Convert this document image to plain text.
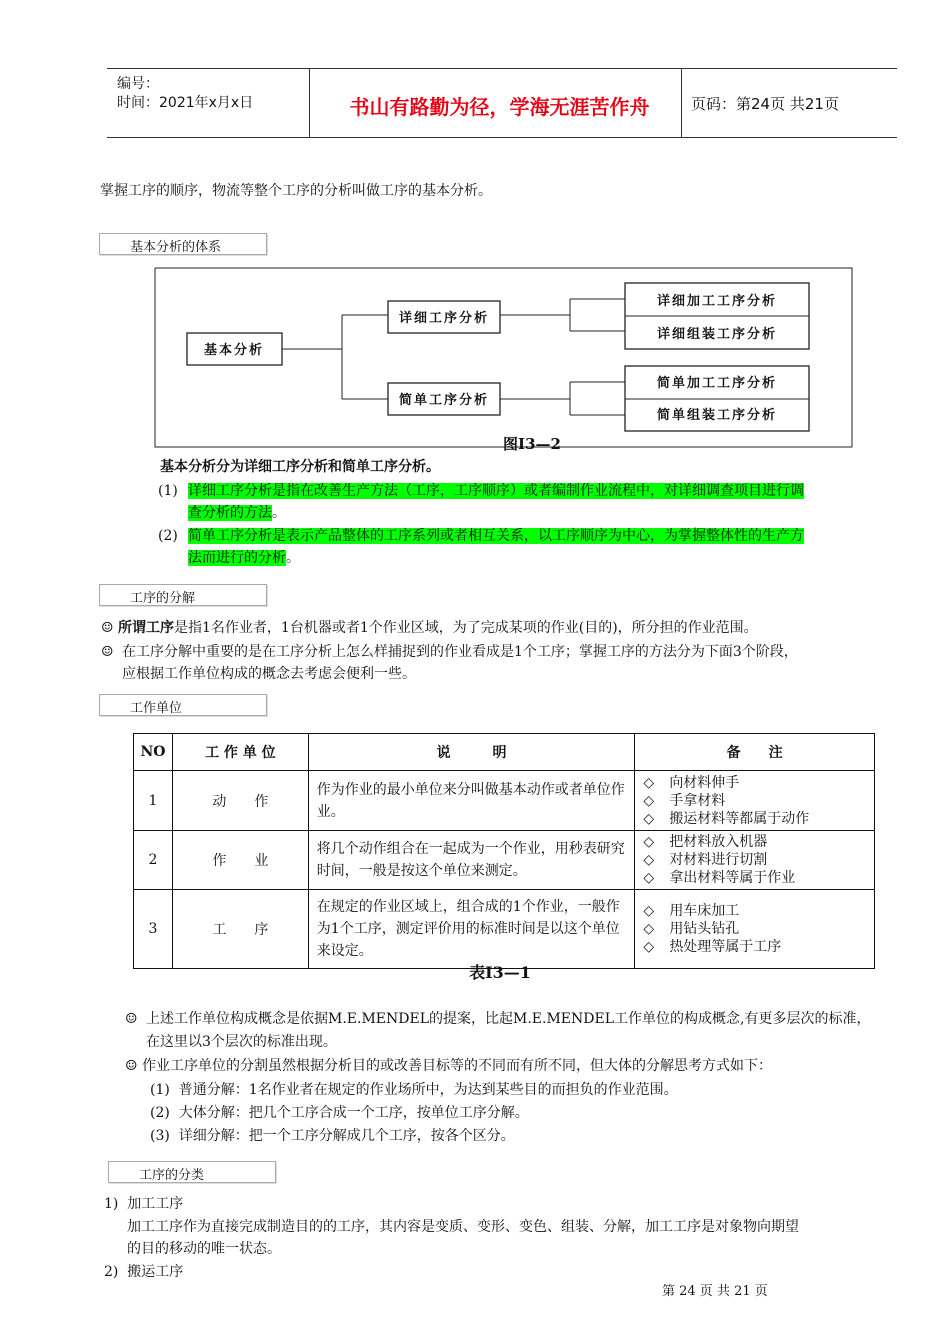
编号：
时间：2021年x月x日	书山有路勤为径，学海无涯苦作舟	页码：第24页 共21页
掌握工序的顺序，物流等整个工序的分析叫做工序的基本分析。
基本分析的体系
基本分析
详细工序分析
简单工序分析
详细加工工序分析
详细组装工序分析
简单加工工序分析
简单组装工序分析
图I3—2
基本分析分为详细工序分析和简单工序分析。
(1) 详细工序分析是指在改善生产方法（工序，工序顺序）或者编制作业流程中，对详细调查项目进行调
查分析的方法。
(2) 简单工序分析是表示产品整体的工序系列或者相互关系，以工序顺序为中心，为掌握整体性的生产方
法而进行的分析。
工序的分解
☺ 所谓工序是指1名作业者，1台机器或者1个作业区域，为了完成某项的作业(目的)，所分担的作业范围。
☺ 在工序分解中重要的是在工序分析上怎么样捕捉到的作业看成是1个工序；掌握工序的方法分为下面3个阶段，
应根据工作单位构成的概念去考虑会便利一些。
工作单位
NO	工 作 单 位	说　　　明	备　　注
1	动　　作	作为作业的最小单位来分叫做基本动作或者单位作业。	◇ 向材料伸手
◇ 手拿材料
◇ 搬运材料等都属于动作

2	作　　业	将几个动作组合在一起成为一个作业，用秒表研究时间，一般是按这个单位来测定。	◇ 把材料放入机器
◇ 对材料进行切割
◇ 拿出材料等属于作业

3	工　　序	在规定的作业区域上，组合成的1个作业，一般作为1个工序，测定评价用的标准时间是以这个单位来设定。	◇ 用车床加工
◇ 用钻头钻孔
◇ 热处理等属于工序
表I3—1
☺ 上述工作单位构成概念是依据M.E.MENDEL的提案，比起M.E.MENDEL工作单位的构成概念,有更多层次的标准，
在这里以3个层次的标准出现。
☺ 作业工序单位的分割虽然根据分析目的或改善目标等的不同而有所不同，但大体的分解思考方式如下：
(1) 普通分解：1名作业者在规定的作业场所中，为达到某些目的而担负的作业范围。
(2) 大体分解：把几个工序合成一个工序，按单位工序分解。
(3) 详细分解：把一个工序分解成几个工序，按各个区分。
工序的分类
1) 加工工序
加工工序作为直接完成制造目的的工序，其内容是变质、变形、变色、组装、分解，加工工序是对象物向期望
的目的移动的唯一状态。
2) 搬运工序
第 24 页 共 21 页
